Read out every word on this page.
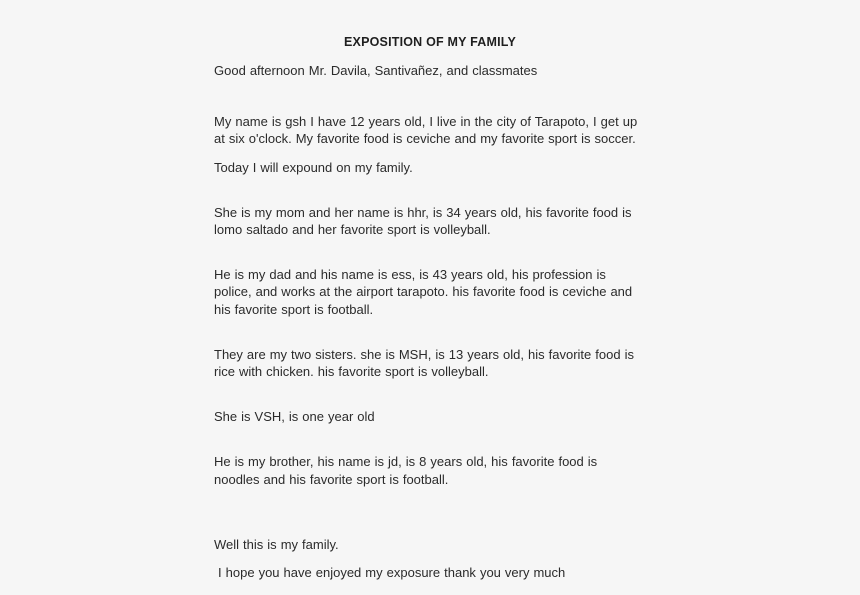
EXPOSITION OF MY FAMILY

Good afternoon Mr. Davila, Santivañez, and classmates

My name is gsh I have 12 years old, I live in the city of Tarapoto, I get up at six o'clock. My favorite food is ceviche and my favorite sport is soccer.

Today I will expound on my family.

She is my mom and her name is hhr, is 34 years old, his favorite food is lomo saltado and her favorite sport is volleyball.

He is my dad and his name is ess, is 43 years old, his profession is police, and works at the airport tarapoto. his favorite food is ceviche and his favorite sport is football.

They are my two sisters. she is MSH, is 13 years old, his favorite food is rice with chicken. his favorite sport is volleyball.

She is VSH, is one year old

He is my brother, his name is jd, is 8 years old, his favorite food is noodles and his favorite sport is football.

Well this is my family.

I hope you have enjoyed my exposure thank you very much
